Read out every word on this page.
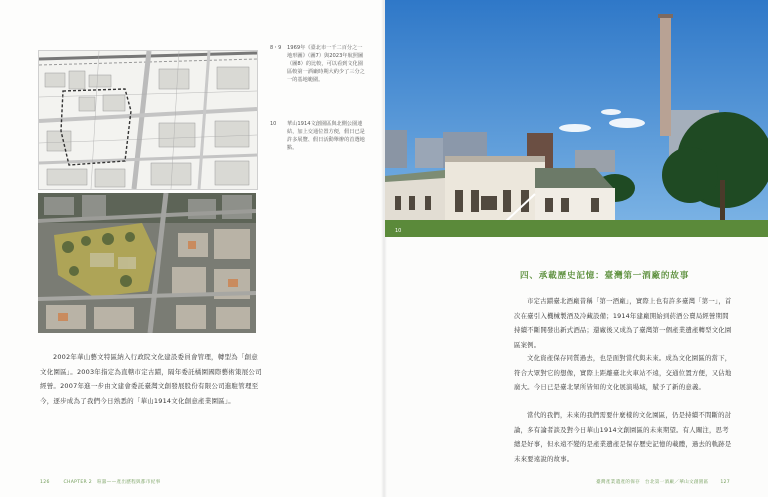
8・9	1969年《臺北市一千二百分之一地形圖》（圖7）與2023年航照圖（圖8）的比較，可以看到文化園區較第一酒廠時期大約少了三分之一的基地範圍。
10	華山1914文創園區與北側公園連結，加上交通位置方便，假日已是許多展覽、假日活動舉辦的首選地點。

2002年華山藝文特區納入行政院文化建設委員會管理，轉型為「創意文化園區」。2003年指定為直轄市定古蹟，隔年委託橘園國際藝術策展公司經營。2007年進一步由文建會委託臺灣文創發展股份有限公司進駐管理至今，逐步成為了我們今日熟悉的「華山1914文化創意產業園區」。

126	CHAPTER 2　喧囂——產出歷程與都市紀事
10
四、承載歷史記憶：臺灣第一酒廠的故事

市定古蹟臺北酒廠昔稱「第一酒廠」，實際上也有許多臺灣「第一」，首次在臺引入機械製酒及冷藏設備；1914年建廠開始到菸酒公賣局經營期間持續不斷開發出新式酒品；還廠後又成為了臺灣第一個產業遺產轉型文化園區案例。

文化資產保存同質過去，也是面對當代與未來。成為文化園區的當下，符合大眾對它的想像，實際上距離臺北火車站不遠，交通位置方便，又佔地廣大。今日已是臺北眾所皆知的文化展演場域，賦予了新的意義。

當代的我們，未來的我們需要什麼樣的文化園區，仍是持續不間斷的討論，多有論者談及對今日華山1914文創園區的未來期望。有人關注，思考總是好事，但永遠不變的是產業遺產是保存歷史記憶的載體，過去的軌跡是未來要遠說的故事。

臺灣產業遺產的保存　台北第一酒廠／華山文創園區	127
